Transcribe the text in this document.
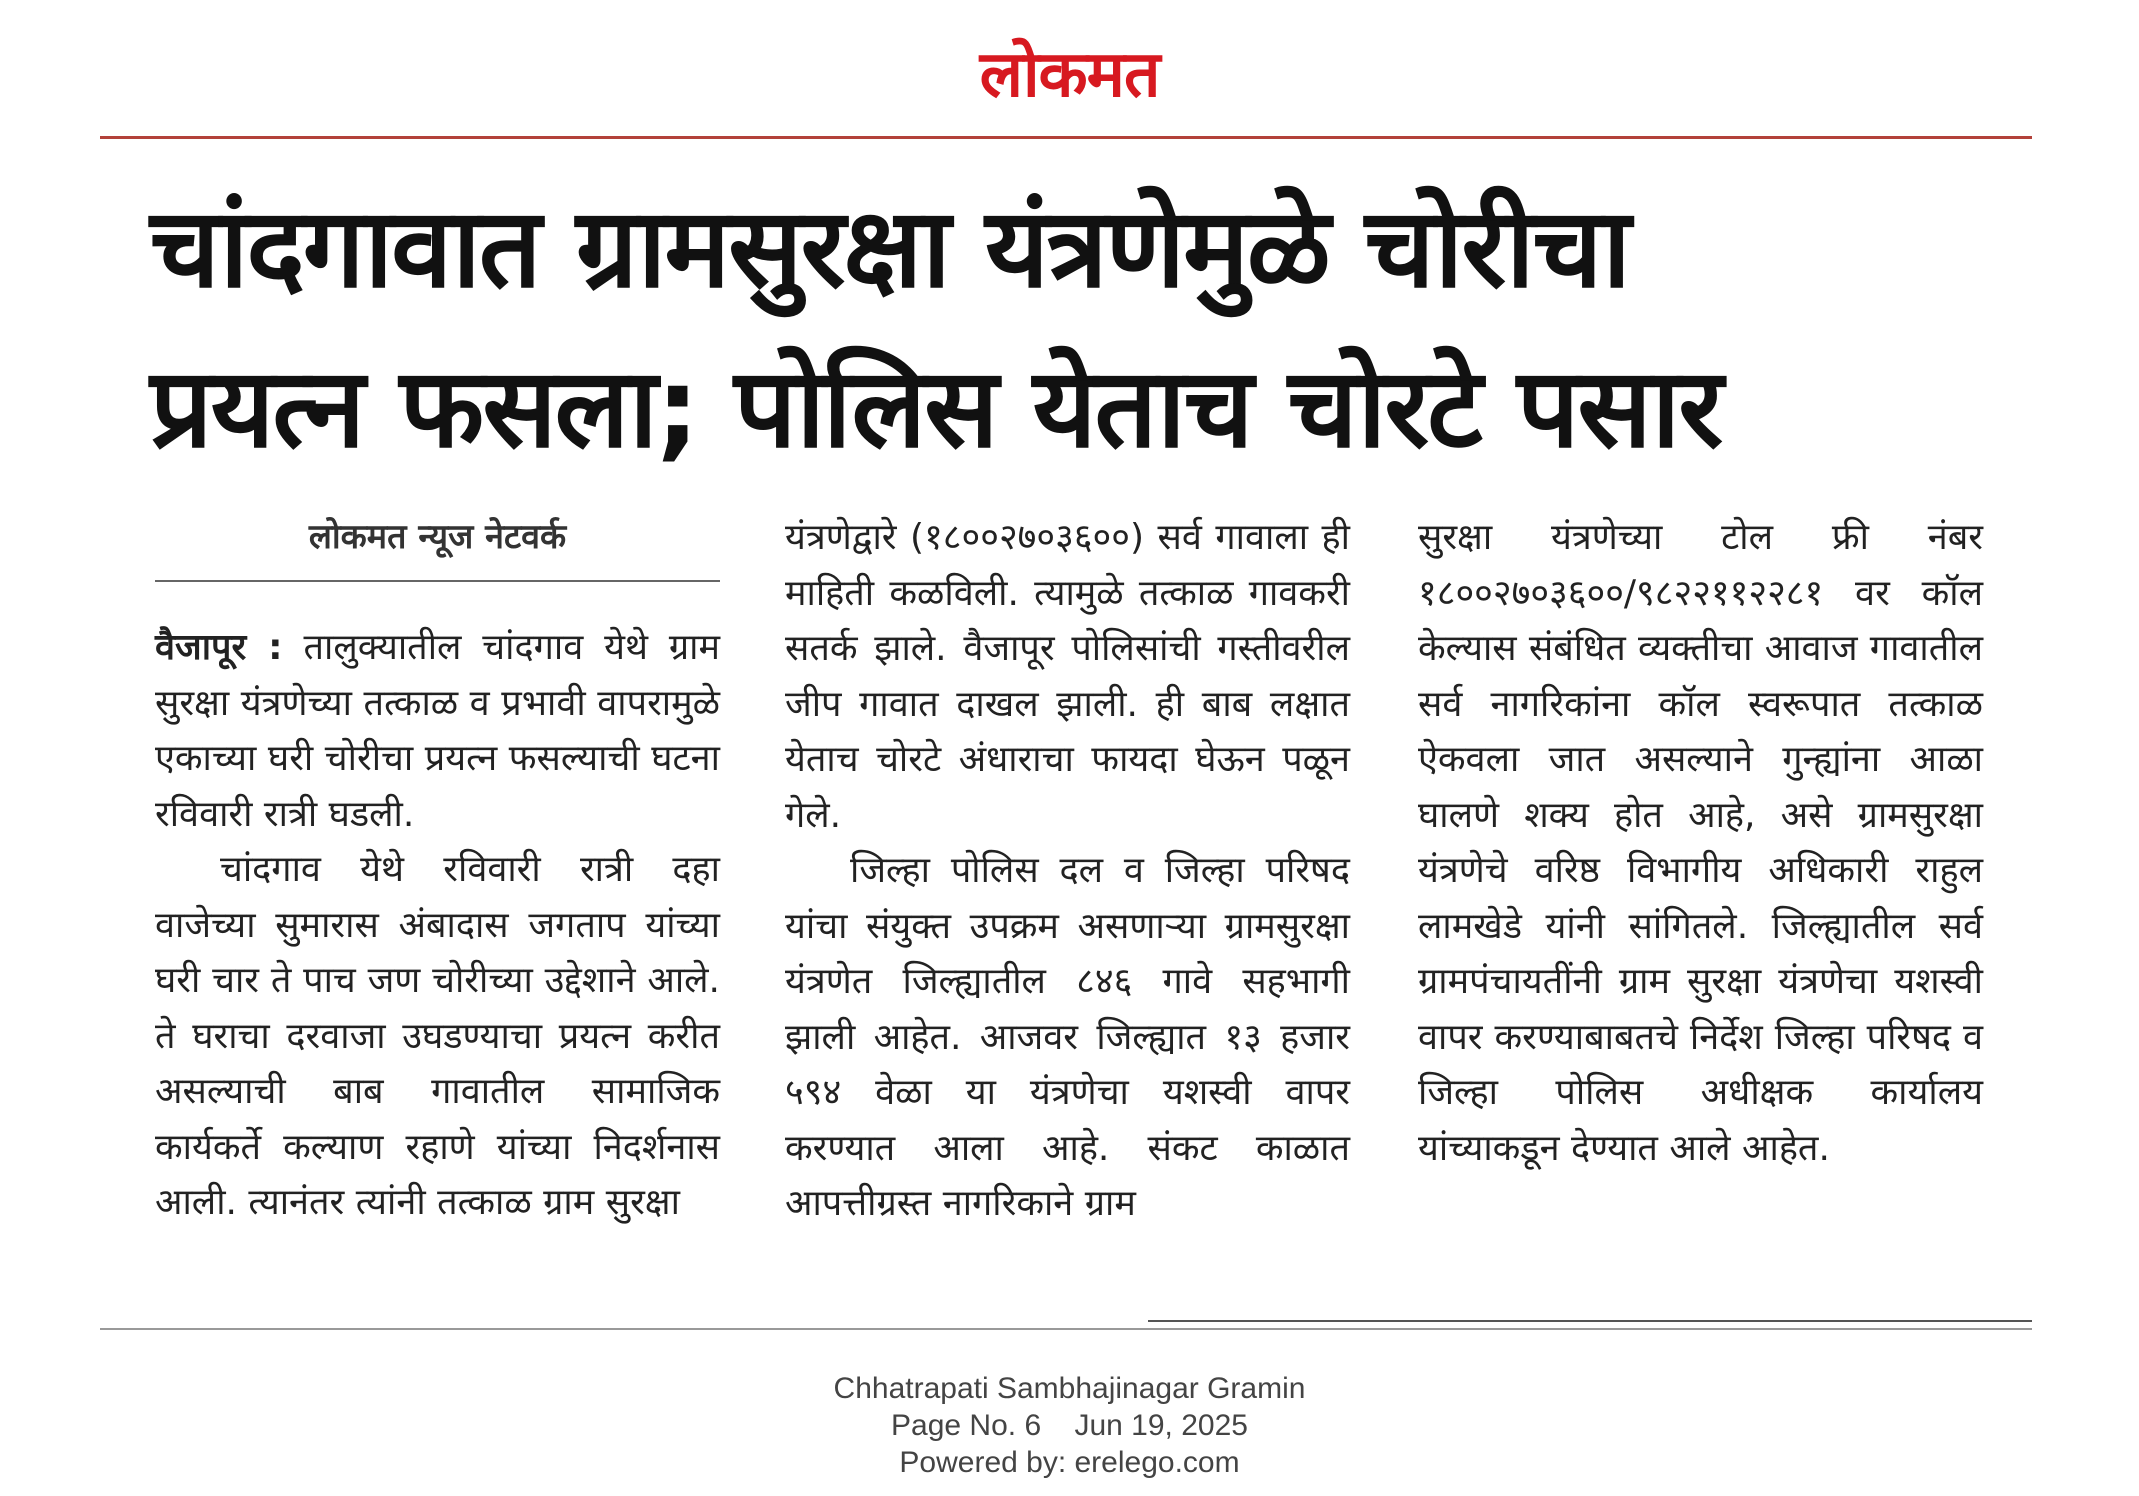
लोकमत
चांदगावात ग्रामसुरक्षा यंत्रणेमुळे चोरीचा
प्रयत्न फसला; पोलिस येताच चोरटे पसार
लोकमत न्यूज नेटवर्क

वैजापूर : तालुक्यातील चांदगाव येथे ग्राम सुरक्षा यंत्रणेच्या तत्काळ व प्रभावी वापरामुळे एकाच्या घरी चोरीचा प्रयत्न फसल्याची घटना रविवारी रात्री घडली.

चांदगाव येथे रविवारी रात्री दहा वाजेच्या सुमारास अंबादास जगताप यांच्या घरी चार ते पाच जण चोरीच्या उद्देशाने आले. ते घराचा दरवाजा उघडण्याचा प्रयत्न करीत असल्याची बाब गावातील सामाजिक कार्यकर्ते कल्याण रहाणे यांच्या निदर्शनास आली. त्यानंतर त्यांनी तत्काळ ग्राम सुरक्षा

यंत्रणेद्वारे (१८००२७०३६००) सर्व गावाला ही माहिती कळविली. त्यामुळे तत्काळ गावकरी सतर्क झाले. वैजापूर पोलिसांची गस्तीवरील जीप गावात दाखल झाली. ही बाब लक्षात येताच चोरटे अंधाराचा फायदा घेऊन पळून गेले.

जिल्हा पोलिस दल व जिल्हा परिषद यांचा संयुक्त उपक्रम असणाऱ्या ग्रामसुरक्षा यंत्रणेत जिल्ह्यातील ८४६ गावे सहभागी झाली आहेत. आजवर जिल्ह्यात १३ हजार ५९४ वेळा या यंत्रणेचा यशस्वी वापर करण्यात आला आहे. संकट काळात आपत्तीग्रस्त नागरिकाने ग्राम

सुरक्षा यंत्रणेच्या टोल फ्री नंबर १८००२७०३६००/९८२२११२२८१ वर कॉल केल्यास संबंधित व्यक्तीचा आवाज गावातील सर्व नागरिकांना कॉल स्वरूपात तत्काळ ऐकवला जात असल्याने गुन्ह्यांना आळा घालणे शक्य होत आहे, असे ग्रामसुरक्षा यंत्रणेचे वरिष्ठ विभागीय अधिकारी राहुल लामखेडे यांनी सांगितले. जिल्ह्यातील सर्व ग्रामपंचायतींनी ग्राम सुरक्षा यंत्रणेचा यशस्वी वापर करण्याबाबतचे निर्देश जिल्हा परिषद व जिल्हा पोलिस अधीक्षक कार्यालय यांच्याकडून देण्यात आले आहेत.

Chhatrapati Sambhajinagar Gramin
Page No. 6    Jun 19, 2025
Powered by: erelego.com
